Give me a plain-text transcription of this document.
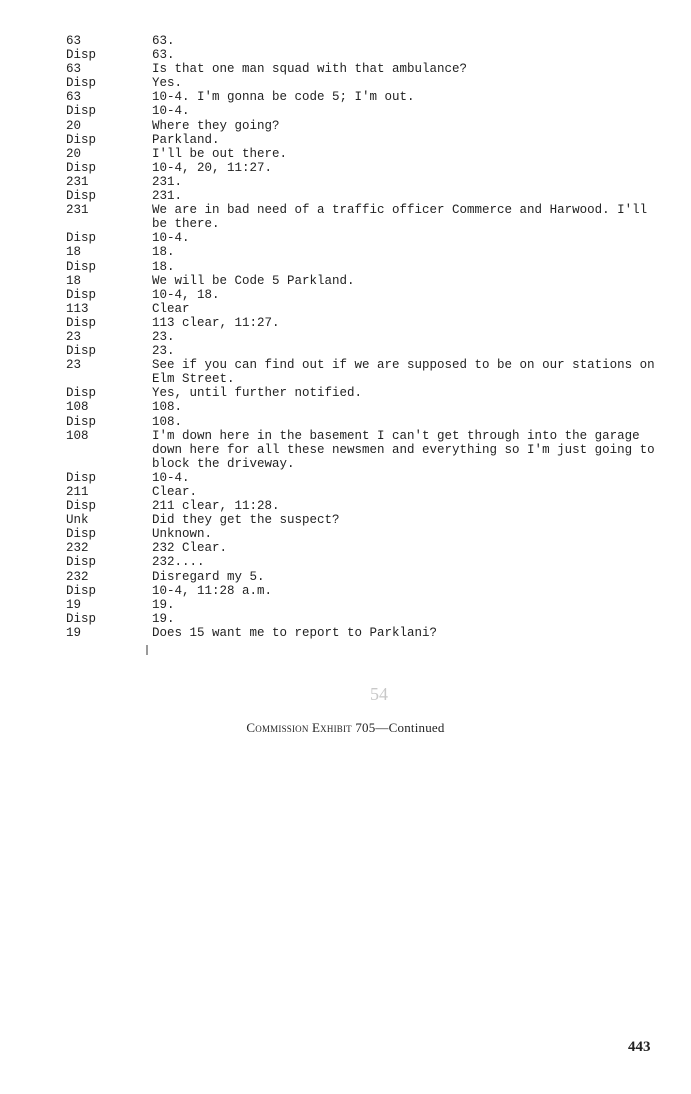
63	63.
Disp	63.
63	Is that one man squad with that ambulance?
Disp	Yes.
63	10-4. I'm gonna be code 5; I'm out.
Disp	10-4.
20	Where they going?
Disp	Parkland.
20	I'll be out there.
Disp	10-4, 20, 11:27.
231	231.
Disp	231.
231	We are in bad need of a traffic officer Commerce and Harwood. I'll be there.
Disp	10-4.
18	18.
Disp	18.
18	We will be Code 5 Parkland.
Disp	10-4, 18.
113	Clear
Disp	113 clear, 11:27.
23	23.
Disp	23.
23	See if you can find out if we are supposed to be on our stations on Elm Street.
Disp	Yes, until further notified.
108	108.
Disp	108.
108	I'm down here in the basement I can't get through into the garage down here for all these newsmen and everything so I'm just going to block the driveway.
Disp	10-4.
211	Clear.
Disp	211 clear, 11:28.
Unk	Did they get the suspect?
Disp	Unknown.
232	232 Clear.
Disp	232....
232	Disregard my 5.
Disp	10-4, 11:28 a.m.
19	19.
Disp	19.
19	Does 15 want me to report to Parklani?
54
Commission Exhibit 705—Continued
443
